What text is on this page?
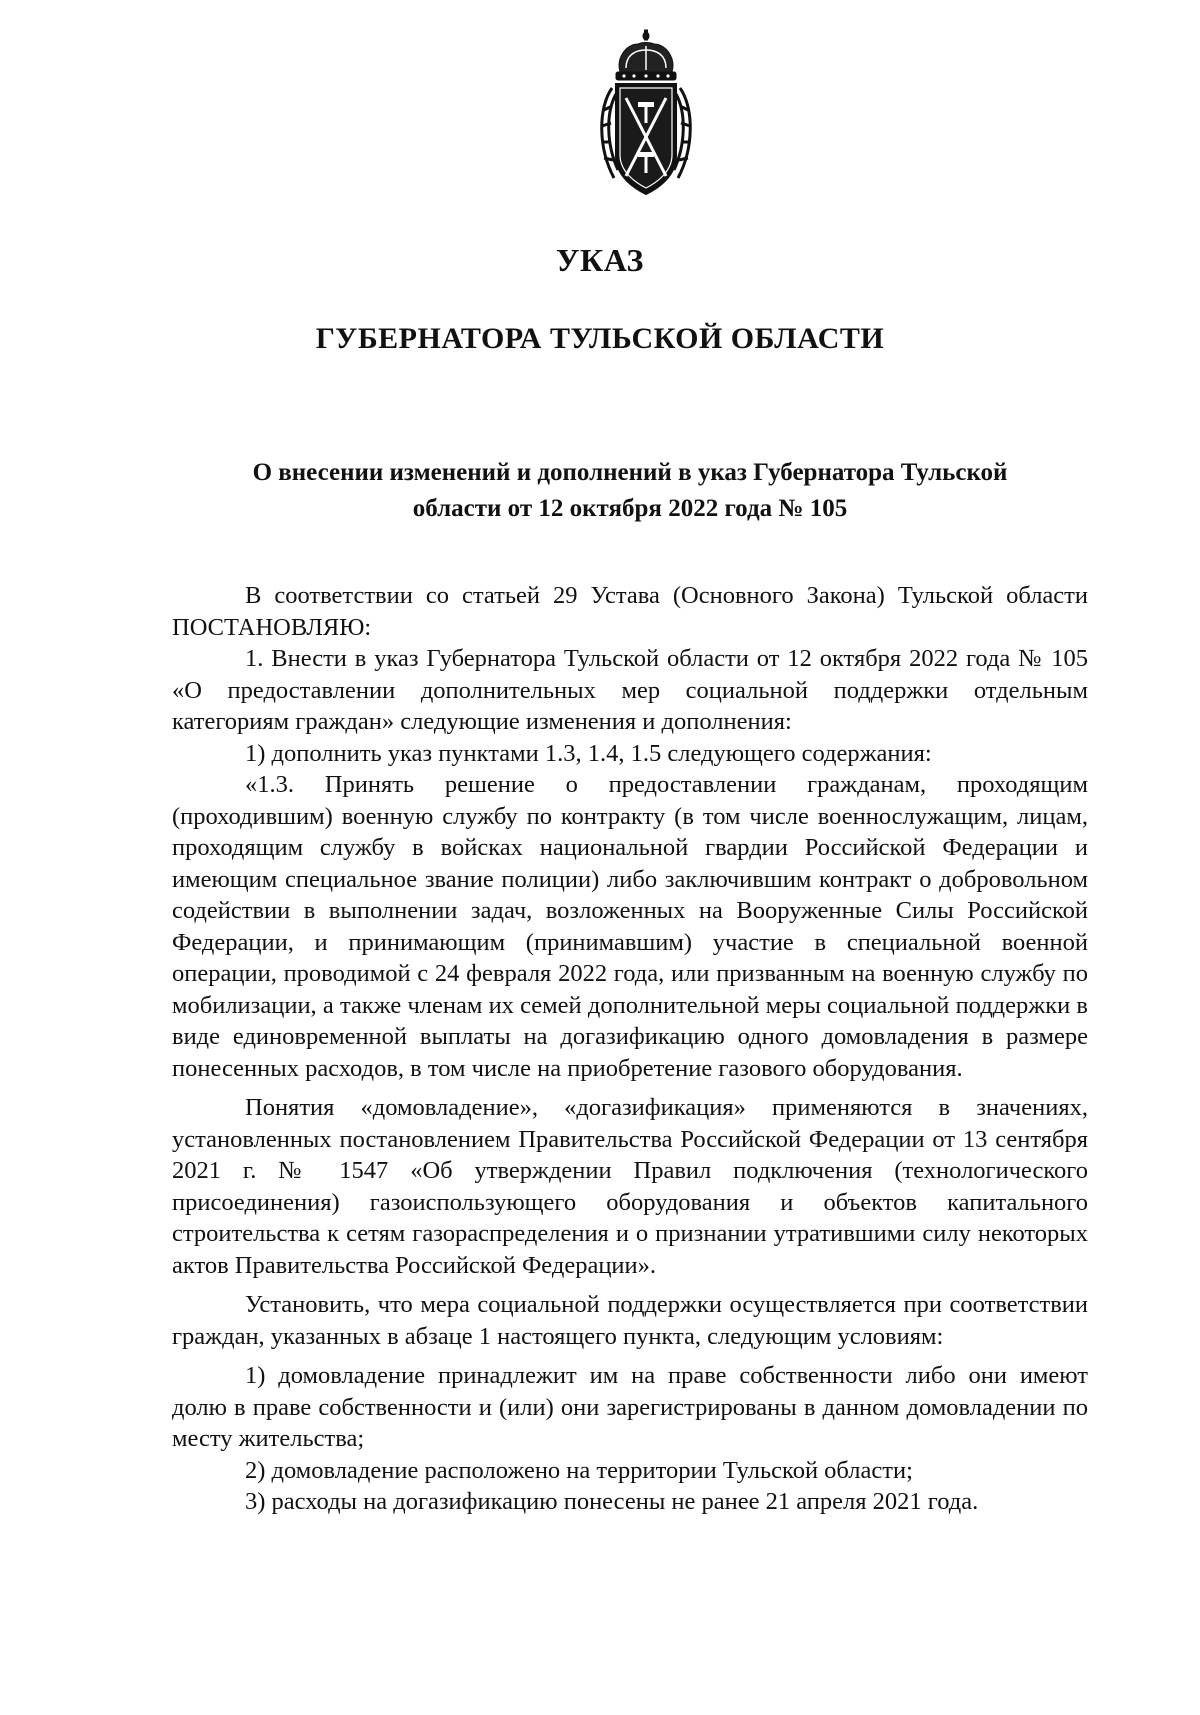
УКАЗ
ГУБЕРНАТОРА ТУЛЬСКОЙ ОБЛАСТИ
О внесении изменений и дополнений в указ Губернатора Тульской
области от 12 октября 2022 года № 105

В соответствии со статьей 29 Устава (Основного Закона) Тульской области ПОСТАНОВЛЯЮ:

1. Внести в указ Губернатора Тульской области от 12 октября 2022 года № 105 «О предоставлении дополнительных мер социальной поддержки отдельным категориям граждан» следующие изменения и дополнения:

1) дополнить указ пунктами 1.3, 1.4, 1.5 следующего содержания:

«1.3. Принять решение о предоставлении гражданам, проходящим (проходившим) военную службу по контракту (в том числе военнослужащим, лицам, проходящим службу в войсках национальной гвардии Российской Федерации и имеющим специальное звание полиции) либо заключившим контракт о добровольном содействии в выполнении задач, возложенных на Вооруженные Силы Российской Федерации, и принимающим (принимавшим) участие в специальной военной операции, проводимой с 24 февраля 2022 года, или призванным на военную службу по мобилизации, а также членам их семей дополнительной меры социальной поддержки в виде единовременной выплаты на догазификацию одного домовладения в размере понесенных расходов, в том числе на приобретение газового оборудования.

Понятия «домовладение», «догазификация» применяются в значениях, установленных постановлением Правительства Российской Федерации от 13 сентября 2021 г. № 1547 «Об утверждении Правил подключения (технологического присоединения) газоиспользующего оборудования и объектов капитального строительства к сетям газораспределения и о признании утратившими силу некоторых актов Правительства Российской Федерации».

Установить, что мера социальной поддержки осуществляется при соответствии граждан, указанных в абзаце 1 настоящего пункта, следующим условиям:

1) домовладение принадлежит им на праве собственности либо они имеют долю в праве собственности и (или) они зарегистрированы в данном домовладении по месту жительства;

2) домовладение расположено на территории Тульской области;

3) расходы на догазификацию понесены не ранее 21 апреля 2021 года.
